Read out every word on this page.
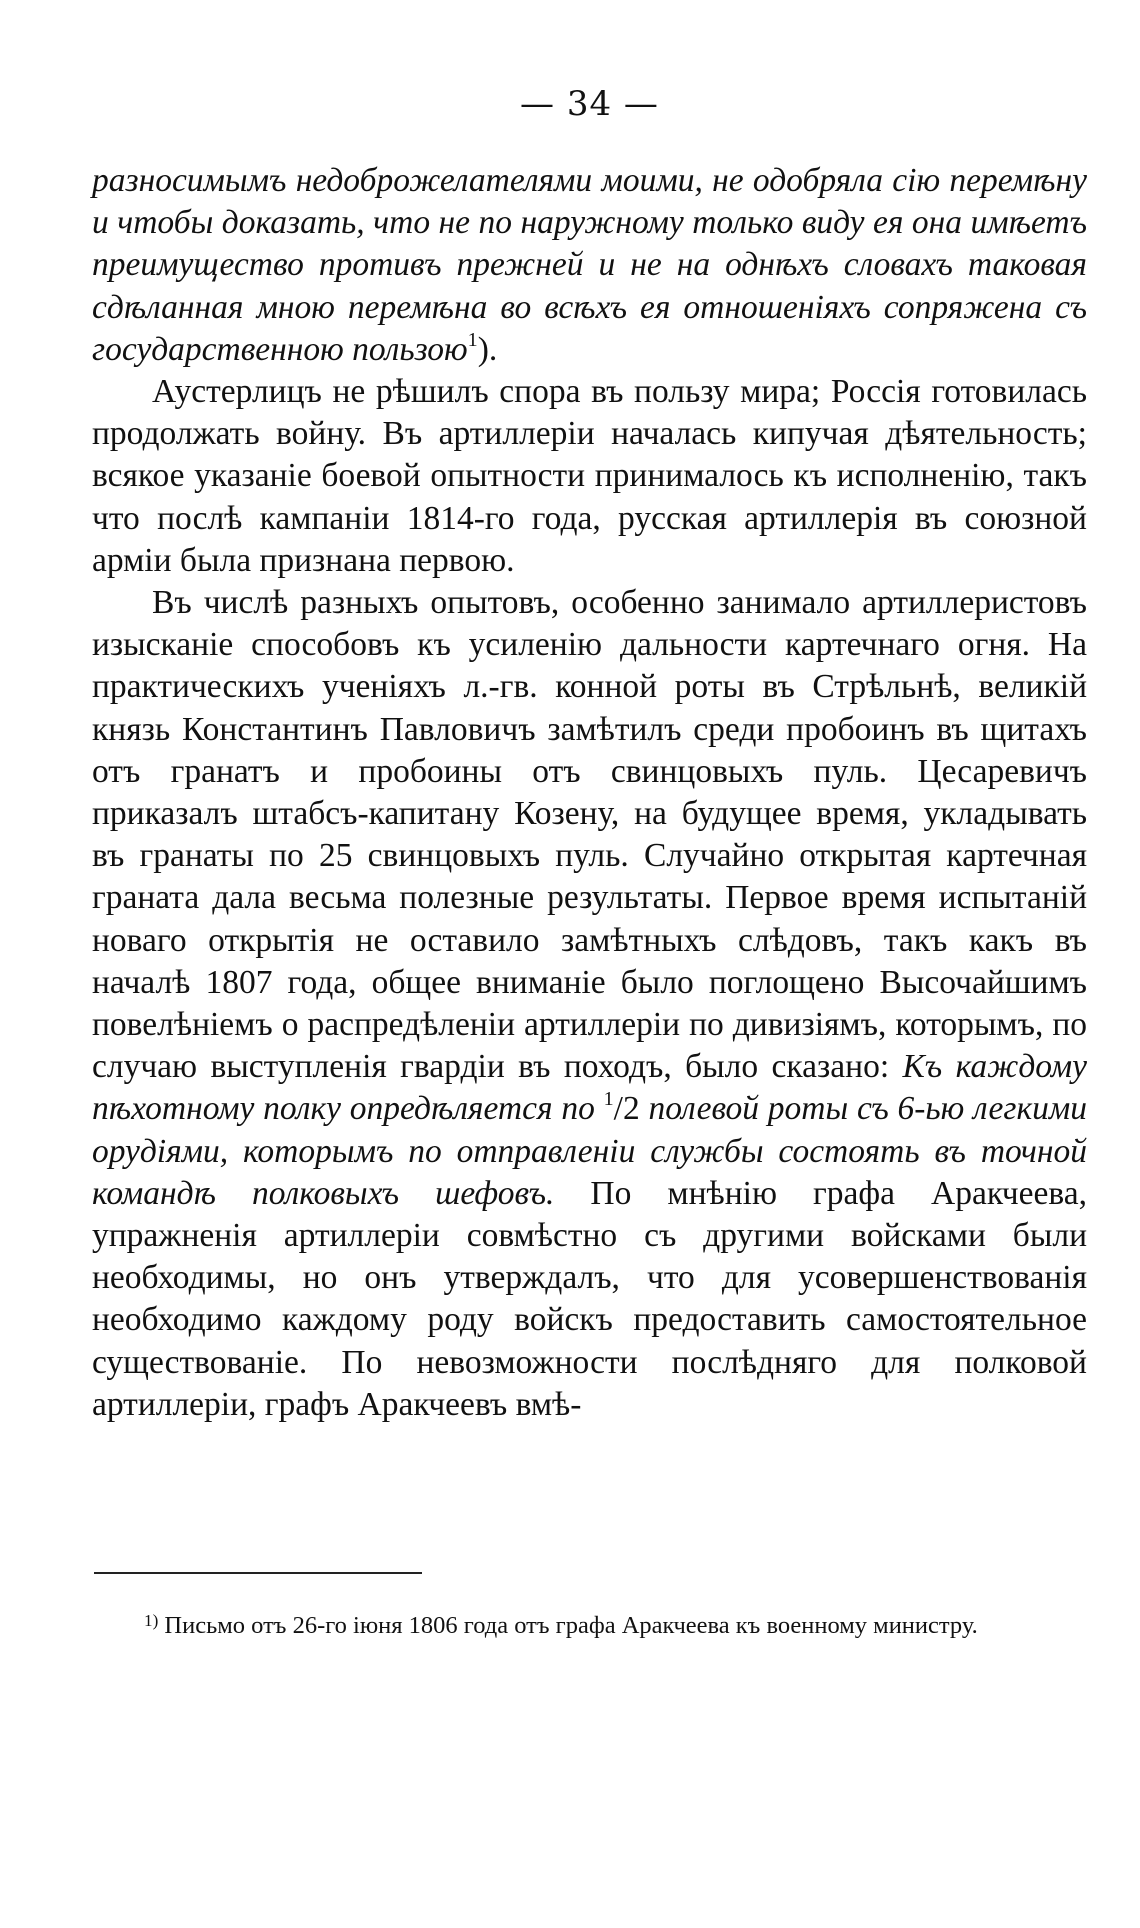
— 34 —

разносимымъ недоброжелателями моими, не одобряла сію перемѣну и чтобы доказать, что не по наружному только виду ея она имѣетъ преимущество противъ прежней и не на однѣхъ словахъ таковая сдѣланная мною перемѣна во всѣхъ ея отношеніяхъ сопряжена съ государственною пользою$^1$).

Аустерлицъ не рѣшилъ спора въ пользу мира; Россія готовилась продолжать войну. Въ артиллеріи началась кипучая дѣятельность; всякое указаніе боевой опытности принималось къ исполненію, такъ что послѣ кампаніи 1814-го года, русская артиллерія въ союзной арміи была признана первою.

Въ числѣ разныхъ опытовъ, особенно занимало артиллеристовъ изысканіе способовъ къ усиленію дальности картечнаго огня. На практическихъ ученіяхъ л.-гв. конной роты въ Стрѣльнѣ, великій князь Константинъ Павловичъ замѣтилъ среди пробоинъ въ щитахъ отъ гранатъ и пробоины отъ свинцовыхъ пуль. Цесаревичъ приказалъ штабсъ-капитану Козену, на будущее время, укладывать въ гранаты по 25 свинцовыхъ пуль. Случайно открытая картечная граната дала весьма полезные результаты. Первое время испытаній новаго открытія не оставило замѣтныхъ слѣдовъ, такъ какъ въ началѣ 1807 года, общее вниманіе было поглощено Высочайшимъ повелѣніемъ о распредѣленіи артиллеріи по дивизіямъ, которымъ, по случаю выступленія гвардіи въ походъ, было сказано: Къ каждому пѣхотному полку опредѣляется по $^1$/2 полевой роты съ 6-ью легкими орудіями, которымъ по отправленіи службы состоять въ точной командѣ полковыхъ шефовъ. По мнѣнію графа Аракчеева, упражненія артиллеріи совмѣстно съ другими войсками были необходимы, но онъ утверждалъ, что для усовершенствованія необходимо каждому роду войскъ предоставить самостоятельное существованіе. По невозможности послѣдняго для полковой артиллеріи, графъ Аракчеевъ вмѣ-

$^{1)}$ Письмо отъ 26-го іюня 1806 года отъ графа Аракчеева къ военному министру.
